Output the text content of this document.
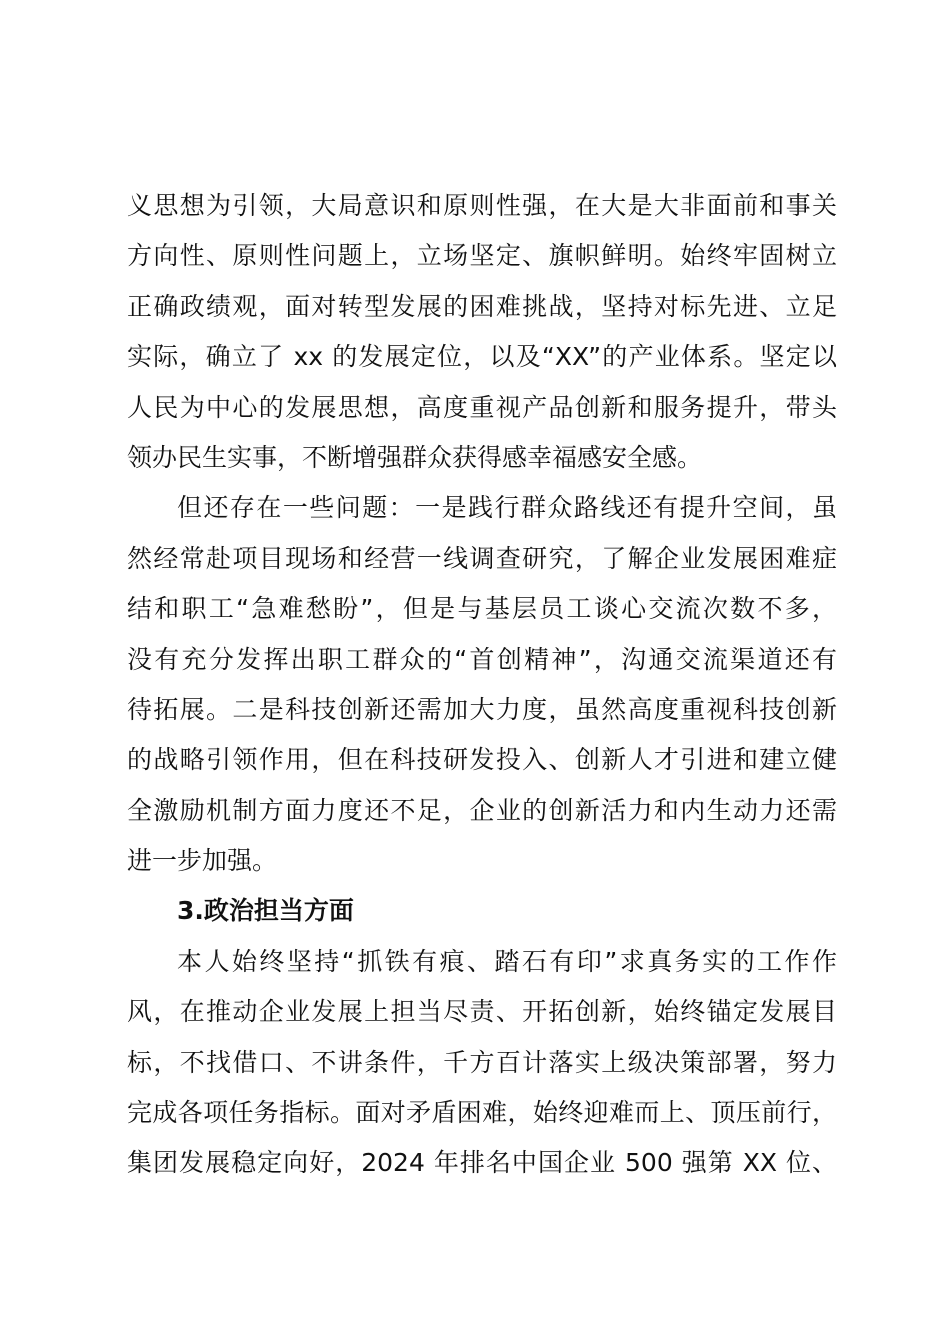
义思想为引领，大局意识和原则性强，在大是大非面前和事关
方向性、原则性问题上，立场坚定、旗帜鲜明。始终牢固树立
正确政绩观，面对转型发展的困难挑战，坚持对标先进、立足
实际，确立了 xx 的发展定位，以及“XX”的产业体系。坚定以
人民为中心的发展思想，高度重视产品创新和服务提升，带头
领办民生实事，不断增强群众获得感幸福感安全感。
但还存在一些问题：一是践行群众路线还有提升空间，虽
然经常赴项目现场和经营一线调查研究，了解企业发展困难症
结和职工“急难愁盼”，但是与基层员工谈心交流次数不多，
没有充分发挥出职工群众的“首创精神”，沟通交流渠道还有
待拓展。二是科技创新还需加大力度，虽然高度重视科技创新
的战略引领作用，但在科技研发投入、创新人才引进和建立健
全激励机制方面力度还不足，企业的创新活力和内生动力还需
进一步加强。
3.政治担当方面
本人始终坚持“抓铁有痕、踏石有印”求真务实的工作作
风，在推动企业发展上担当尽责、开拓创新，始终锚定发展目
标，不找借口、不讲条件，千方百计落实上级决策部署，努力
完成各项任务指标。面对矛盾困难，始终迎难而上、顶压前行，
集团发展稳定向好，2024 年排名中国企业 500 强第 XX 位、
